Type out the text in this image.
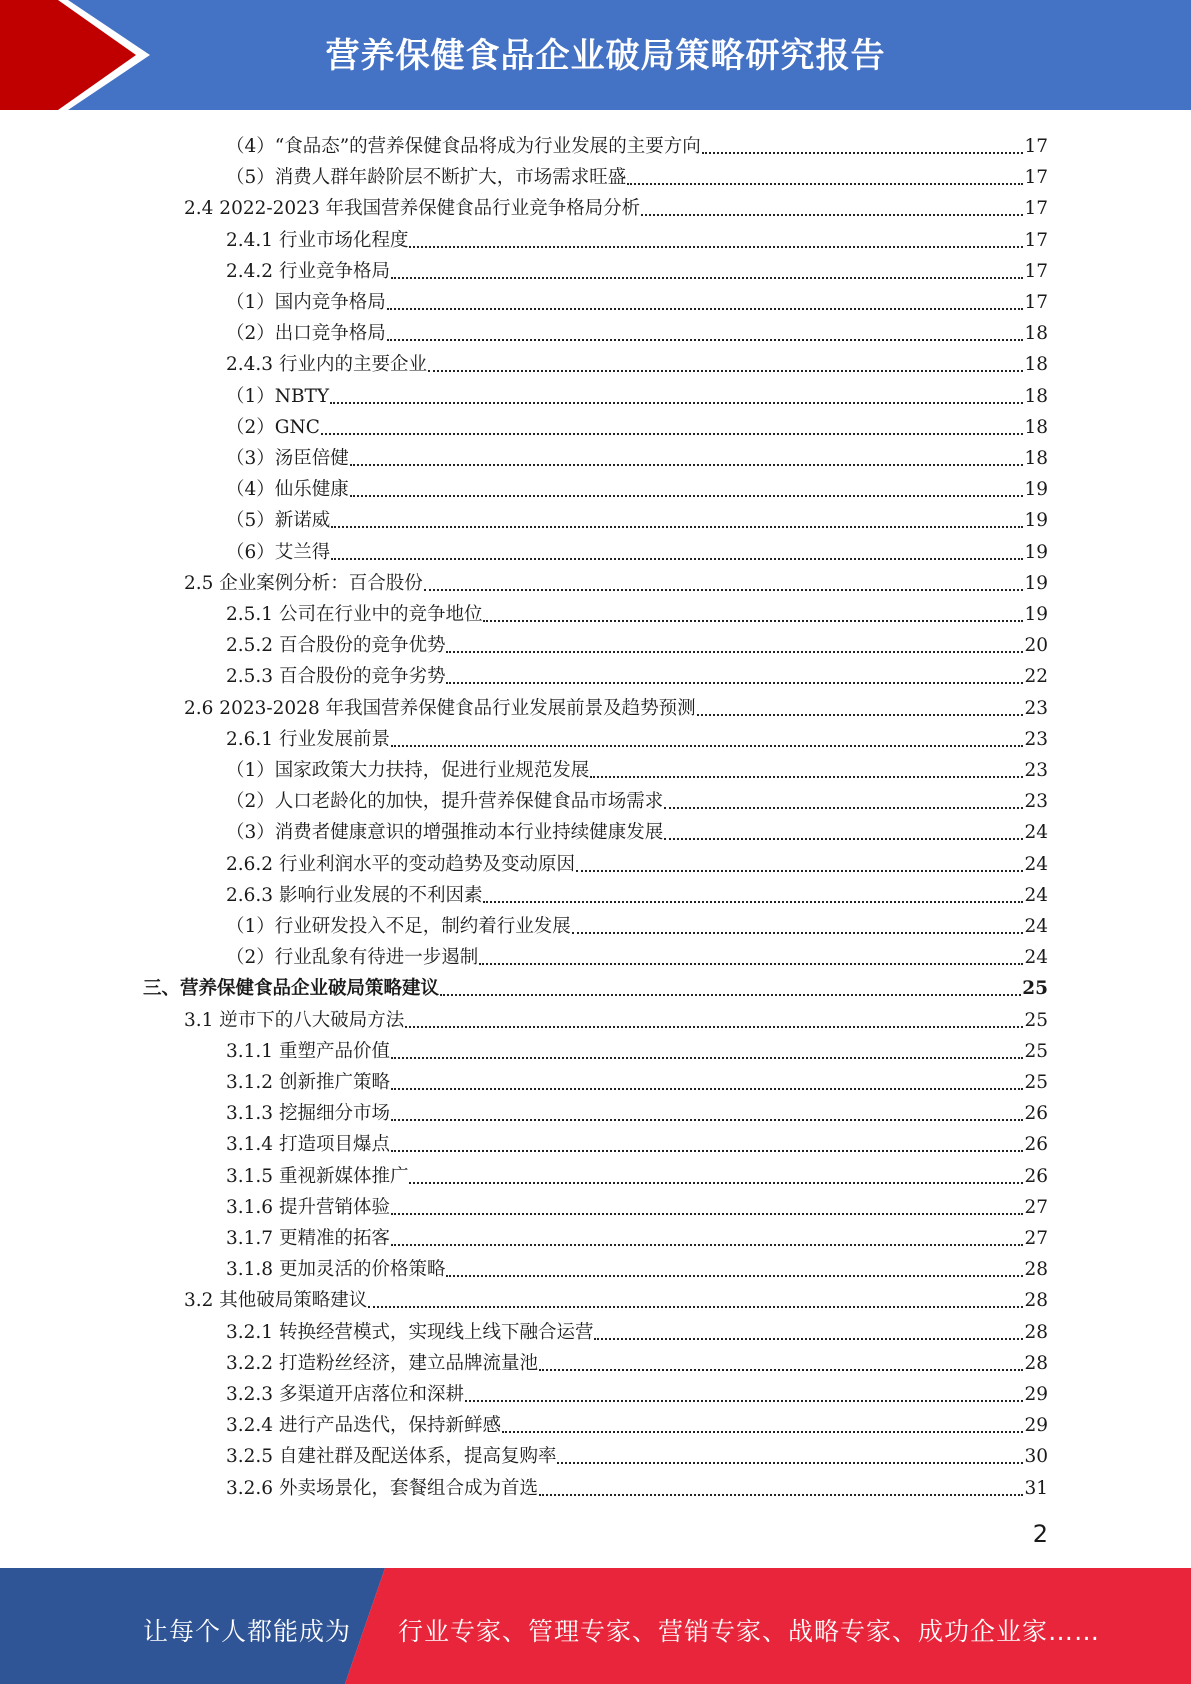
营养保健食品企业破局策略研究报告
（4）“食品态”的营养保健食品将成为行业发展的主要方向	17
（5）消费人群年龄阶层不断扩大，市场需求旺盛	17
2.4 2022-2023 年我国营养保健食品行业竞争格局分析	17
2.4.1 行业市场化程度	17
2.4.2 行业竞争格局	17
（1）国内竞争格局	17
（2）出口竞争格局	18
2.4.3 行业内的主要企业	18
（1）NBTY	18
（2）GNC	18
（3）汤臣倍健	18
（4）仙乐健康	19
（5）新诺威	19
（6）艾兰得	19
2.5 企业案例分析：百合股份	19
2.5.1 公司在行业中的竞争地位	19
2.5.2 百合股份的竞争优势	20
2.5.3 百合股份的竞争劣势	22
2.6 2023-2028 年我国营养保健食品行业发展前景及趋势预测	23
2.6.1 行业发展前景	23
（1）国家政策大力扶持，促进行业规范发展	23
（2）人口老龄化的加快，提升营养保健食品市场需求	23
（3）消费者健康意识的增强推动本行业持续健康发展	24
2.6.2 行业利润水平的变动趋势及变动原因	24
2.6.3 影响行业发展的不利因素	24
（1）行业研发投入不足，制约着行业发展	24
（2）行业乱象有待进一步遏制	24
三、营养保健食品企业破局策略建议	25
3.1 逆市下的八大破局方法	25
3.1.1 重塑产品价值	25
3.1.2 创新推广策略	25
3.1.3 挖掘细分市场	26
3.1.4 打造项目爆点	26
3.1.5 重视新媒体推广	26
3.1.6 提升营销体验	27
3.1.7 更精准的拓客	27
3.1.8 更加灵活的价格策略	28
3.2 其他破局策略建议	28
3.2.1 转换经营模式，实现线上线下融合运营	28
3.2.2 打造粉丝经济，建立品牌流量池	28
3.2.3 多渠道开店落位和深耕	29
3.2.4 进行产品迭代，保持新鲜感	29
3.2.5 自建社群及配送体系，提高复购率	30
3.2.6 外卖场景化，套餐组合成为首选	31
2
让每个人都能成为 行业专家、管理专家、营销专家、战略专家、成功企业家……
